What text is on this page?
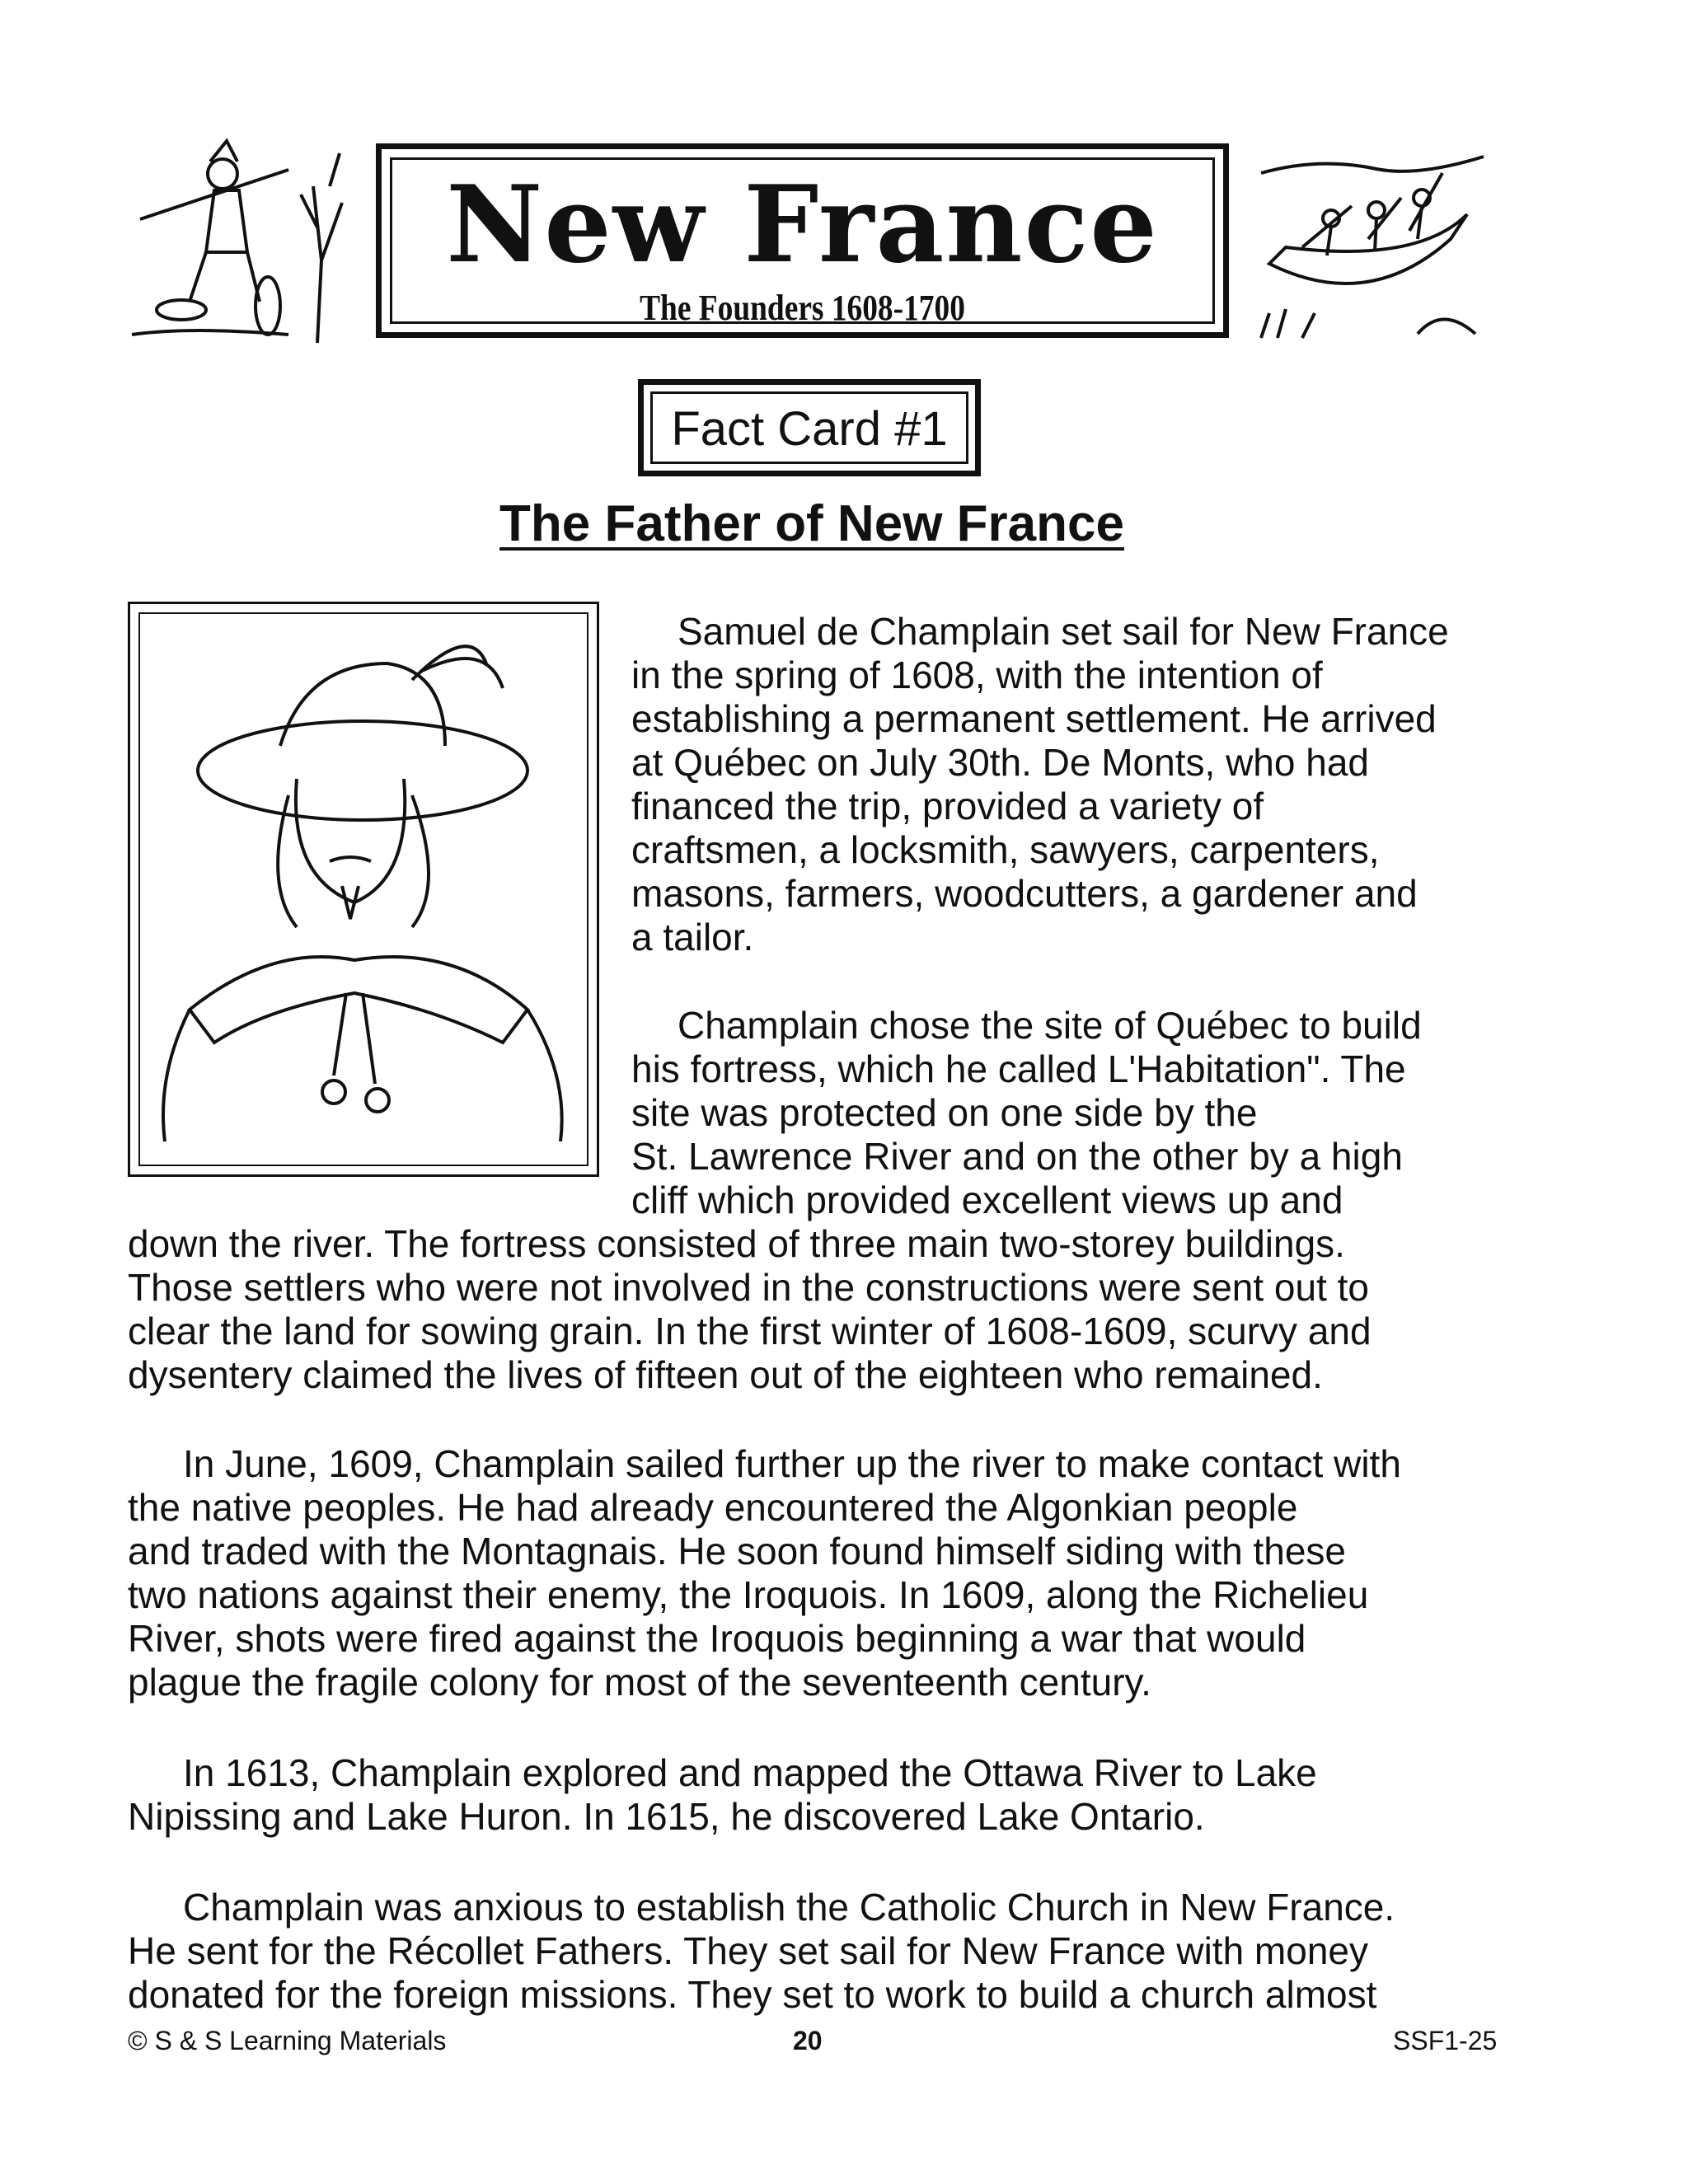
New France
The Founders 1608-1700
Fact Card #1
The Father of New France
Samuel de Champlain set sail for New France
in the spring of 1608, with the intention of
establishing a permanent settlement. He arrived
at Québec on July 30th. De Monts, who had
financed the trip, provided a variety of
craftsmen, a locksmith, sawyers, carpenters,
masons, farmers, woodcutters, a gardener and
a tailor.
Champlain chose the site of Québec to build
his fortress, which he called L'Habitation". The
site was protected on one side by the
St. Lawrence River and on the other by a high
cliff which provided excellent views up and
down the river. The fortress consisted of three main two-storey buildings.
Those settlers who were not involved in the constructions were sent out to
clear the land for sowing grain. In the first winter of 1608-1609, scurvy and
dysentery claimed the lives of fifteen out of the eighteen who remained.
In June, 1609, Champlain sailed further up the river to make contact with
the native peoples. He had already encountered the Algonkian people
and traded with the Montagnais. He soon found himself siding with these
two nations against their enemy, the Iroquois. In 1609, along the Richelieu
River, shots were fired against the Iroquois beginning a war that would
plague the fragile colony for most of the seventeenth century.
In 1613, Champlain explored and mapped the Ottawa River to Lake
Nipissing and Lake Huron. In 1615, he discovered Lake Ontario.
Champlain was anxious to establish the Catholic Church in New France.
He sent for the Récollet Fathers. They set sail for New France with money
donated for the foreign missions. They set to work to build a church almost
© S & S Learning Materials	20	SSF1-25
